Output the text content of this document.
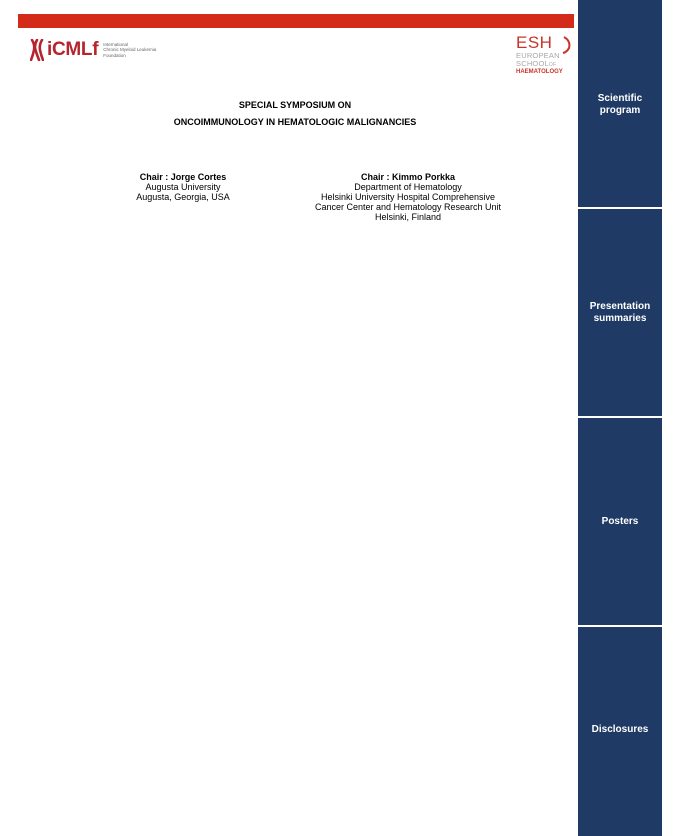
iCMLf International
Chronic Myeloid Leukemia
Foundation
ESH
EUROPEAN
SCHOOLOF
HAEMATOLOGY
SPECIAL SYMPOSIUM ON
ONCOIMMUNOLOGY IN HEMATOLOGIC MALIGNANCIES
Chair : Jorge Cortes
Augusta University
Augusta, Georgia, USA
Chair : Kimmo Porkka
Department of Hematology
Helsinki University Hospital Comprehensive
Cancer Center and Hematology Research Unit
Helsinki, Finland
Scientific
program
Presentation
summaries
Posters
Disclosures
